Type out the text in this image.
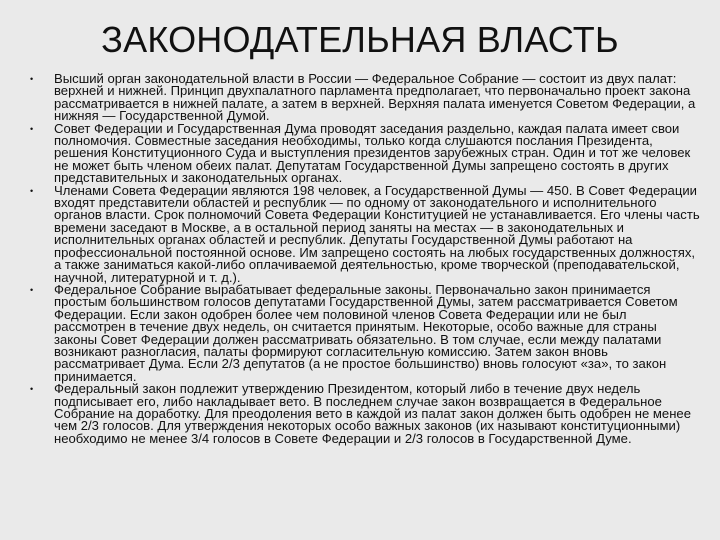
ЗАКОНОДАТЕЛЬНАЯ ВЛАСТЬ
• Высший орган законодательной власти в России — Федеральное Собрание — состоит из двух палат: верхней и нижней. Принцип двухпалатного парламента предполагает, что первоначально проект закона рассматривается в нижней палате, а затем в верхней. Верхняя палата именуется Советом Федерации, а нижняя — Государственной Думой.
• Совет Федерации и Государственная Дума проводят заседания раздельно, каждая палата имеет свои полномочия. Совместные заседания необходимы, только когда слушаются послания Президента, решения Конституционного Суда и выступления президентов зарубежных стран. Один и тот же человек не может быть членом обеих палат. Депутатам Государственной Думы запрещено состоять в других представительных и законодательных органах.
• Членами Совета Федерации являются 198 человек, а Государственной Думы — 450. В Совет Федерации входят представители областей и республик — по одному от законодательного и исполнительного органов власти. Срок полномочий Совета Федерации Конституцией не устанавливается. Его члены часть времени заседают в Москве, а в остальной период заняты на местах — в законодательных и исполнительных органах областей и республик. Депутаты Государственной Думы работают на профессиональной постоянной основе. Им запрещено состоять на любых государственных должностях, а также заниматься какой-либо оплачиваемой деятельностью, кроме творческой (преподавательской, научной, литературной и т. д.).
• Федеральное Собрание вырабатывает федеральные законы. Первоначально закон принимается простым большинством голосов депутатами Государственной Думы, затем рассматривается Советом Федерации. Если закон одобрен более чем половиной членов Совета Федерации или не был рассмотрен в течение двух недель, он считается принятым. Некоторые, особо важные для страны законы Совет Федерации должен рассматривать обязательно. В том случае, если между палатами возникают разногласия, палаты формируют согласительную комиссию. Затем закон вновь рассматривает Дума. Если 2/3 депутатов (а не простое большинство) вновь голосуют «за», то закон принимается.
• Федеральный закон подлежит утверждению Президентом, который либо в течение двух недель подписывает его, либо накладывает вето. В последнем случае закон возвращается в Федеральное Собрание на доработку. Для преодоления вето в каждой из палат закон должен быть одобрен не менее чем 2/3 голосов. Для утверждения некоторых особо важных законов (их называют конституционными) необходимо не менее 3/4 голосов в Совете Федерации и 2/3 голосов в Государственной Думе.
